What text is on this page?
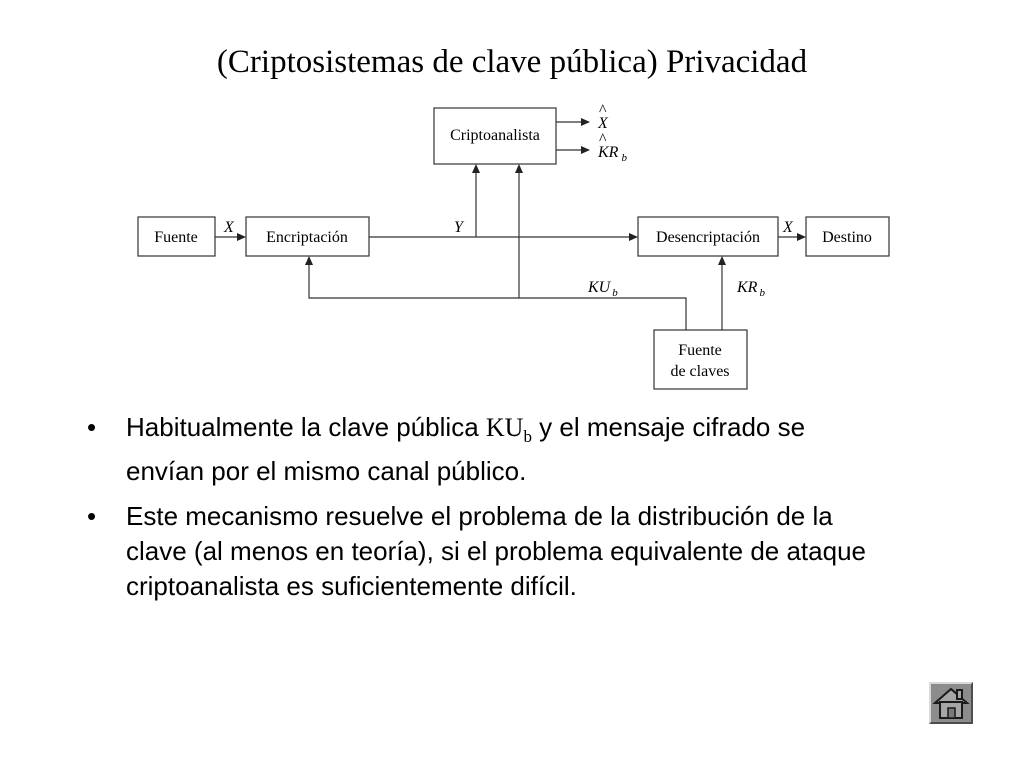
(Criptosistemas de clave pública) Privacidad
Criptoanalista
Fuente	Encriptación	Desencriptación	Destino
Fuente
de claves
X
^
KR $_b$
^
X	Y	X
KU $_b$	KR $_b$
• Habitualmente la clave pública $KU_b$ y el mensaje cifrado se envían por el mismo canal público.
• Este mecanismo resuelve el problema de la distribución de la clave (al menos en teoría), si el problema equivalente de ataque criptoanalista es suficientemente difícil.
